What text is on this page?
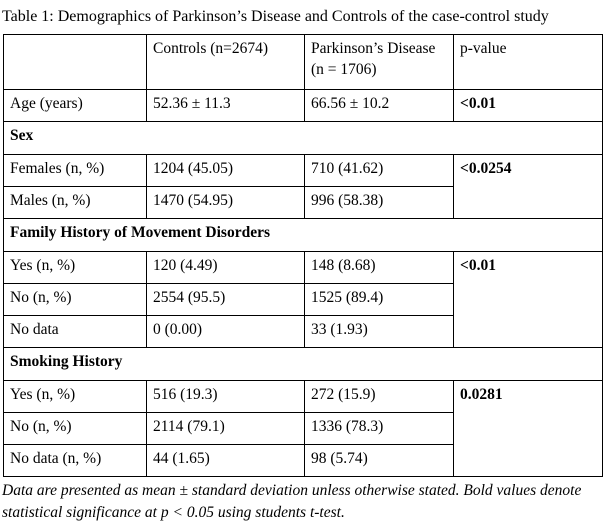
Table 1: Demographics of Parkinson’s Disease and Controls of the case-control study
	Controls (n=2674)	Parkinson’s Disease (n = 1706)	p-value
Age (years)	52.36 ± 11.3	66.56 ± 10.2	<0.01
Sex			
Females (n, %)	1204 (45.05)	710 (41.62)	<0.0254
Males (n, %)	1470 (54.95)	996 (58.38)	
Family History of Movement Disorders			
Yes (n, %)	120 (4.49)	148 (8.68)	<0.01
No (n, %)	2554 (95.5)	1525 (89.4)	
No data	0 (0.00)	33 (1.93)	
Smoking History			
Yes (n, %)	516 (19.3)	272 (15.9)	0.0281
No (n, %)	2114 (79.1)	1336 (78.3)	
No data (n, %)	44 (1.65)	98 (5.74)	
Data are presented as mean ± standard deviation unless otherwise stated. Bold values denote statistical significance at p < 0.05 using students t-test.
